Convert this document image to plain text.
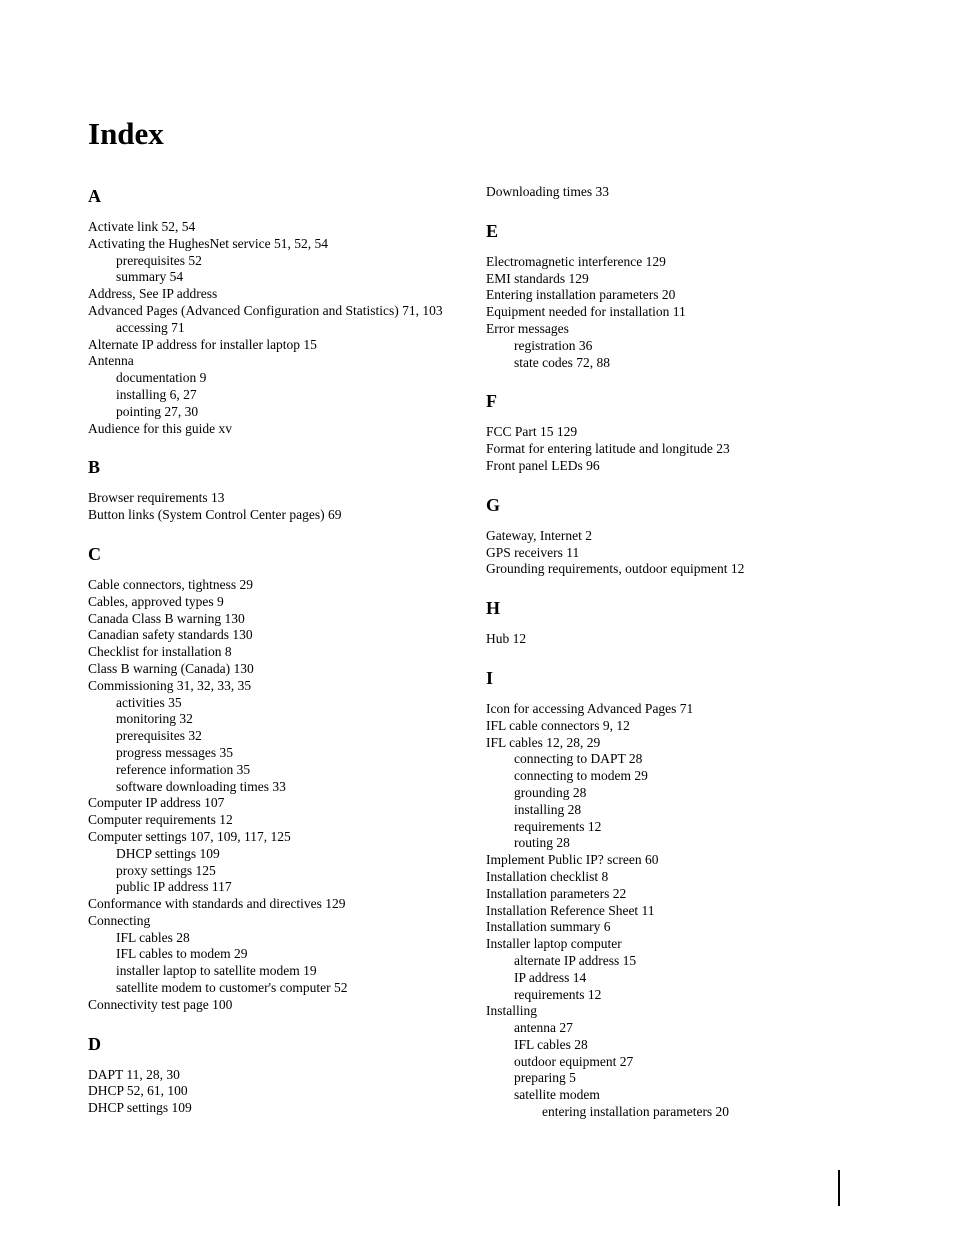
Index
A
Activate link 52, 54
Activating the HughesNet service 51, 52, 54
prerequisites 52
summary 54
Address, See IP address
Advanced Pages (Advanced Configuration and Statistics) 71, 103
accessing 71
Alternate IP address for installer laptop 15
Antenna
documentation 9
installing 6, 27
pointing 27, 30
Audience for this guide xv
B
Browser requirements 13
Button links (System Control Center pages) 69
C
Cable connectors, tightness 29
Cables, approved types 9
Canada Class B warning 130
Canadian safety standards 130
Checklist for installation 8
Class B warning (Canada) 130
Commissioning 31, 32, 33, 35
activities 35
monitoring 32
prerequisites 32
progress messages 35
reference information 35
software downloading times 33
Computer IP address 107
Computer requirements 12
Computer settings 107, 109, 117, 125
DHCP settings 109
proxy settings 125
public IP address 117
Conformance with standards and directives 129
Connecting
IFL cables 28
IFL cables to modem 29
installer laptop to satellite modem 19
satellite modem to customer's computer 52
Connectivity test page 100
D
DAPT 11, 28, 30
DHCP 52, 61, 100
DHCP settings 109
Downloading times 33
E
Electromagnetic interference 129
EMI standards 129
Entering installation parameters 20
Equipment needed for installation 11
Error messages
registration 36
state codes 72, 88
F
FCC Part 15 129
Format for entering latitude and longitude 23
Front panel LEDs 96
G
Gateway, Internet 2
GPS receivers 11
Grounding requirements, outdoor equipment 12
H
Hub 12
I
Icon for accessing Advanced Pages 71
IFL cable connectors 9, 12
IFL cables 12, 28, 29
connecting to DAPT 28
connecting to modem 29
grounding 28
installing 28
requirements 12
routing 28
Implement Public IP? screen 60
Installation checklist 8
Installation parameters 22
Installation Reference Sheet 11
Installation summary 6
Installer laptop computer
alternate IP address 15
IP address 14
requirements 12
Installing
antenna 27
IFL cables 28
outdoor equipment 27
preparing 5
satellite modem
entering installation parameters 20
